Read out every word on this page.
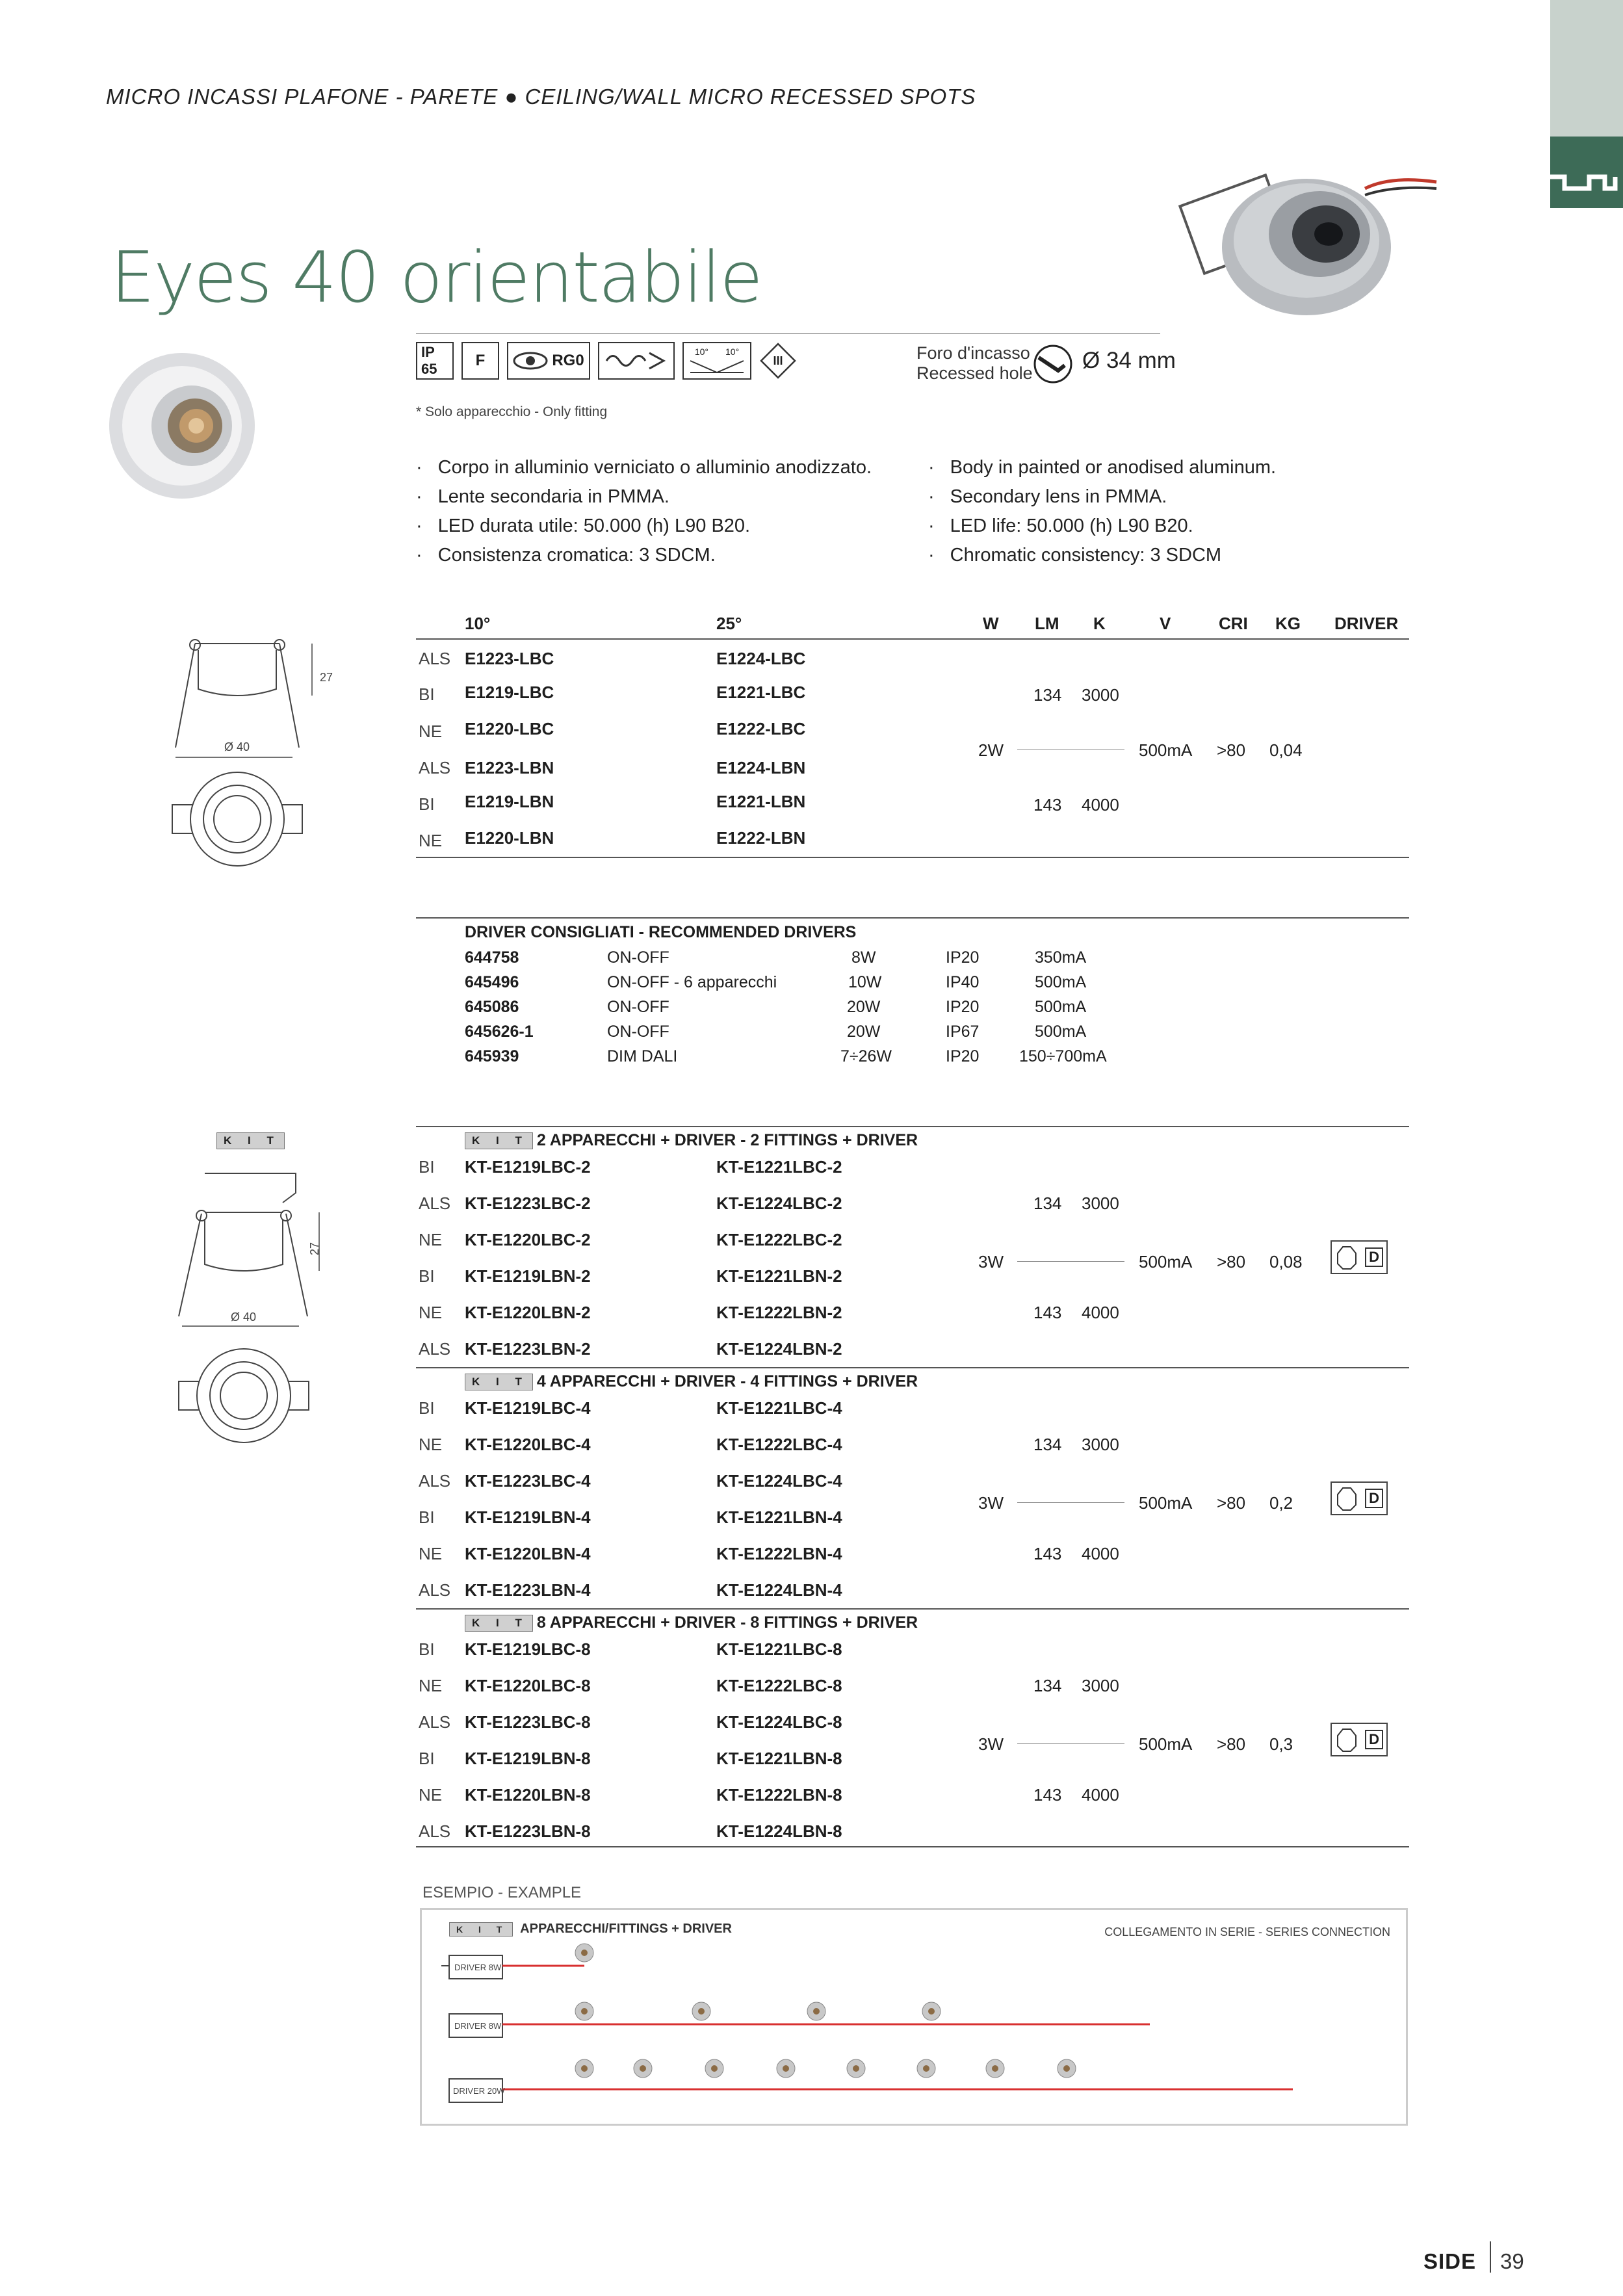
MICRO INCASSI PLAFONE - PARETE ● CEILING/WALL MICRO RECESSED SPOTS
Eyes 40 orientabile
IP 65	F	RG0	10° 10°
III	Foro d'incasso
Recessed hole Ø 34 mm
* Solo apparecchio - Only fitting
· Corpo in alluminio verniciato o alluminio anodizzato.
· Lente secondaria in PMMA.
· LED durata utile: 50.000 (h) L90 B20.
· Consistenza cromatica: 3 SDCM.
· Body in painted or anodised aluminum.
· Secondary lens in PMMA.
· LED life: 50.000 (h) L90 B20.
· Chromatic consistency: 3 SDCM
27
Ø 40
10°	25°	W LM K	V	CRI KG DRIVER
ALS E1223-LBC	E1224-LBC
BI E1219-LBC	E1221-LBC
NE E1220-LBC	E1222-LBC
ALS E1223-LBN	E1224-LBN
BI E1219-LBN	E1221-LBN
NE E1220-LBN	E1222-LBN
2W
134 3000
143 4000
500mA >80 0,04
DRIVER CONSIGLIATI - RECOMMENDED DRIVERS
644758	ON-OFF	8W	IP20	350mA
645496	ON-OFF - 6 apparecchi	10W	IP40	500mA
645086	ON-OFF	20W	IP20	500mA
645626-1	ON-OFF	20W	IP67	500mA
645939	DIM DALI	7÷26W	IP20 150÷700mA
K I T
27
Ø 40
K I T 2 APPARECCHI + DRIVER - 2 FITTINGS + DRIVER
BI KT-E1219LBC-2	KT-E1221LBC-2
ALS KT-E1223LBC-2	KT-E1224LBC-2
NE KT-E1220LBC-2	KT-E1222LBC-2
BI KT-E1219LBN-2	KT-E1221LBN-2
NE KT-E1220LBN-2	KT-E1222LBN-2
ALS KT-E1223LBN-2	KT-E1224LBN-2
3W
134 3000
143 4000
500mA >80 0,08	D
K I T 4 APPARECCHI + DRIVER - 4 FITTINGS + DRIVER
BI KT-E1219LBC-4	KT-E1221LBC-4
NE KT-E1220LBC-4	KT-E1222LBC-4
ALS KT-E1223LBC-4	KT-E1224LBC-4
BI KT-E1219LBN-4	KT-E1221LBN-4
NE KT-E1220LBN-4	KT-E1222LBN-4
ALS KT-E1223LBN-4	KT-E1224LBN-4
3W
134 3000
143 4000
500mA >80 0,2	D
K I T 8 APPARECCHI + DRIVER - 8 FITTINGS + DRIVER
BI KT-E1219LBC-8	KT-E1221LBC-8
NE KT-E1220LBC-8	KT-E1222LBC-8
ALS KT-E1223LBC-8	KT-E1224LBC-8
BI KT-E1219LBN-8	KT-E1221LBN-8
NE KT-E1220LBN-8	KT-E1222LBN-8
ALS KT-E1223LBN-8	KT-E1224LBN-8
3W
134 3000
143 4000
500mA >80 0,3	D
ESEMPIO - EXAMPLE
K I T APPARECCHI/FITTINGS + DRIVER	COLLEGAMENTO IN SERIE - SERIES CONNECTION
DRIVER 8W
DRIVER 8W
DRIVER 20W
SIDE 39
